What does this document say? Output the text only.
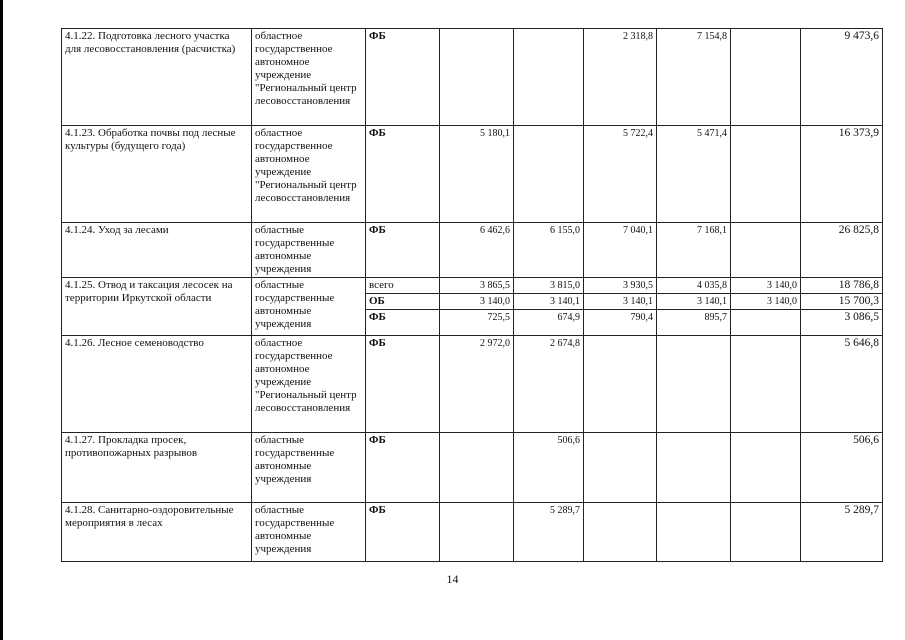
4.1.22. Подготовка лесного участка для лесовосстановления (расчистка)	областное государственное автономное учреждение "Региональный центр лесовосстановления	ФБ			2 318,8	7 154,8		9 473,6
4.1.23. Обработка почвы под лесные культуры (будущего года)	областное государственное автономное учреждение "Региональный центр лесовосстановления	ФБ	5 180,1		5 722,4	5 471,4		16 373,9
4.1.24. Уход за лесами	областные государственные автономные учреждения	ФБ	6 462,6	6 155,0	7 040,1	7 168,1		26 825,8
4.1.25. Отвод и таксация лесосек на территории Иркутской области	областные государственные автономные учреждения	всего	3 865,5	3 815,0	3 930,5	4 035,8	3 140,0	18 786,8
		ОБ	3 140,0	3 140,1	3 140,1	3 140,1	3 140,0	15 700,3
		ФБ	725,5	674,9	790,4	895,7		3 086,5
4.1.26. Лесное семеноводство	областное государственное автономное учреждение "Региональный центр лесовосстановления	ФБ	2 972,0	2 674,8				5 646,8
4.1.27. Прокладка просек, противопожарных разрывов	областные государственные автономные учреждения	ФБ		506,6				506,6
4.1.28. Санитарно-оздоровительные мероприятия в лесах	областные государственные автономные учреждения	ФБ		5 289,7				5 289,7
14
